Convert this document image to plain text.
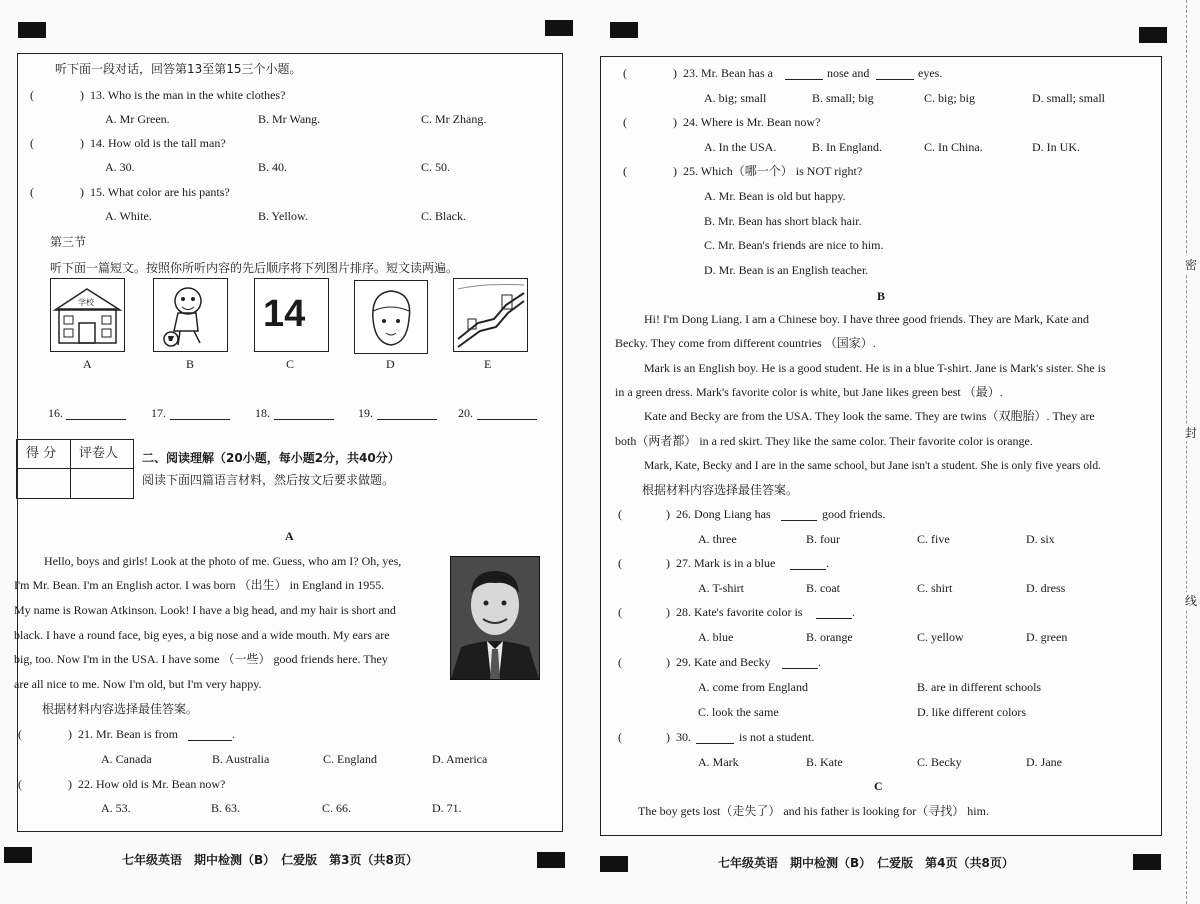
听下面一段对话，回答第13至第15三个小题。
(	) 13. Who is the man in the white clothes?
A. Mr Green.	B. Mr Wang.	C. Mr Zhang.
(	) 14. How old is the tall man?
A. 30.	B. 40.	C. 50.
(	) 15. What color are his pants?
A. White.	B. Yellow.	C. Black.
第三节
听下面一篇短文。按照你所听内容的先后顺序将下列图片排序。短文读两遍。
学校	14
A	B	C	D	E
16.	17.	18.	19.	20.
得 分 评卷人 二、阅读理解（20小题，每小题2分，共40分）
阅读下面四篇语言材料，然后按文后要求做题。
A
Hello, boys and girls! Look at the photo of me. Guess, who am I? Oh, yes,
I'm Mr. Bean. I'm an English actor. I was born （出生） in England in 1955.
My name is Rowan Atkinson. Look! I have a big head, and my hair is short and
black. I have a round face, big eyes, a big nose and a wide mouth. My ears are
big, too. Now I'm in the USA. I have some （一些） good friends here. They
are all nice to me. Now I'm old, but I'm very happy.
根据材料内容选择最佳答案。
(	) 21. Mr. Bean is from	.
A. Canada	B. Australia	C. England	D. America
(	) 22. How old is Mr. Bean now?
A. 53.	B. 63.	C. 66.	D. 71.
七年级英语　期中检测（B）　仁爱版　第3页（共8页）
(	) 23. Mr. Bean has a	nose and	eyes.
A. big; small	B. small; big	C. big; big	D. small; small
(	) 24. Where is Mr. Bean now?
A. In the USA.	B. In England.	C. In China.	D. In UK.
(	) 25. Which（哪一个） is NOT right?
A. Mr. Bean is old but happy.
B. Mr. Bean has short black hair.
C. Mr. Bean's friends are nice to him.
D. Mr. Bean is an English teacher.
B
Hi! I'm Dong Liang. I am a Chinese boy. I have three good friends. They are Mark, Kate and
Becky. They come from different countries （国家）.
Mark is an English boy. He is a good student. He is in a blue T-shirt. Jane is Mark's sister. She is
in a green dress. Mark's favorite color is white, but Jane likes green best （最）.
Kate and Becky are from the USA. They look the same. They are twins（双胞胎）. They are
both（两者都） in a red skirt. They like the same color. Their favorite color is orange.
Mark, Kate, Becky and I are in the same school, but Jane isn't a student. She is only five years old.
根据材料内容选择最佳答案。
(	) 26. Dong Liang has	good friends.
A. three	B. four	C. five	D. six
(	) 27. Mark is in a blue	.
A. T-shirt	B. coat	C. shirt	D. dress
(	) 28. Kate's favorite color is	.
A. blue	B. orange	C. yellow	D. green
(	) 29. Kate and Becky	.
A. come from England	B. are in different schools
C. look the same	D. like different colors
(	) 30.	is not a student.
A. Mark	B. Kate	C. Becky	D. Jane
C
The boy gets lost（走失了） and his father is looking for（寻找） him.
七年级英语　期中检测（B）　仁爱版　第4页（共8页）
密
封
线
